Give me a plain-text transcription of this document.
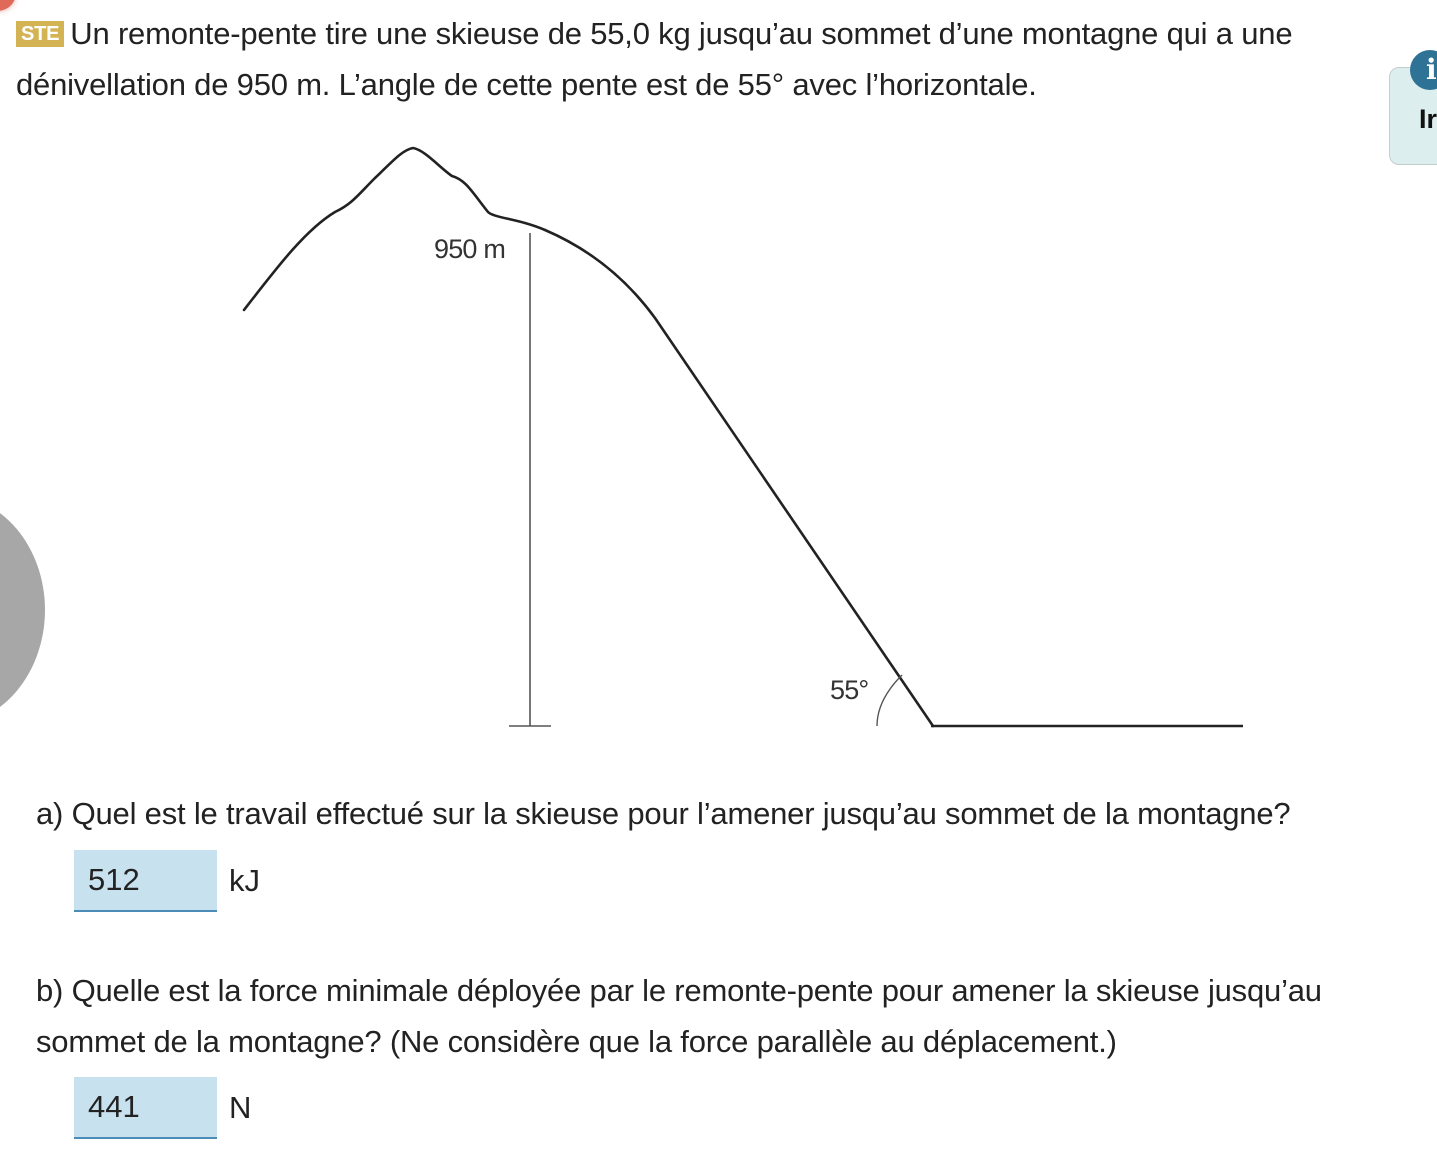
STE Un remonte-pente tire une skieuse de 55,0 kg jusqu’au sommet d’une montagne qui a une
dénivellation de 950 m. L’angle de cette pente est de 55° avec l’horizontale.	i
Ir
950 m
55°
a) Quel est le travail effectué sur la skieuse pour l’amener jusqu’au sommet de la montagne?
512
kJ
b) Quelle est la force minimale déployée par le remonte-pente pour amener la skieuse jusqu’au
sommet de la montagne? (Ne considère que la force parallèle au déplacement.)
441
N
